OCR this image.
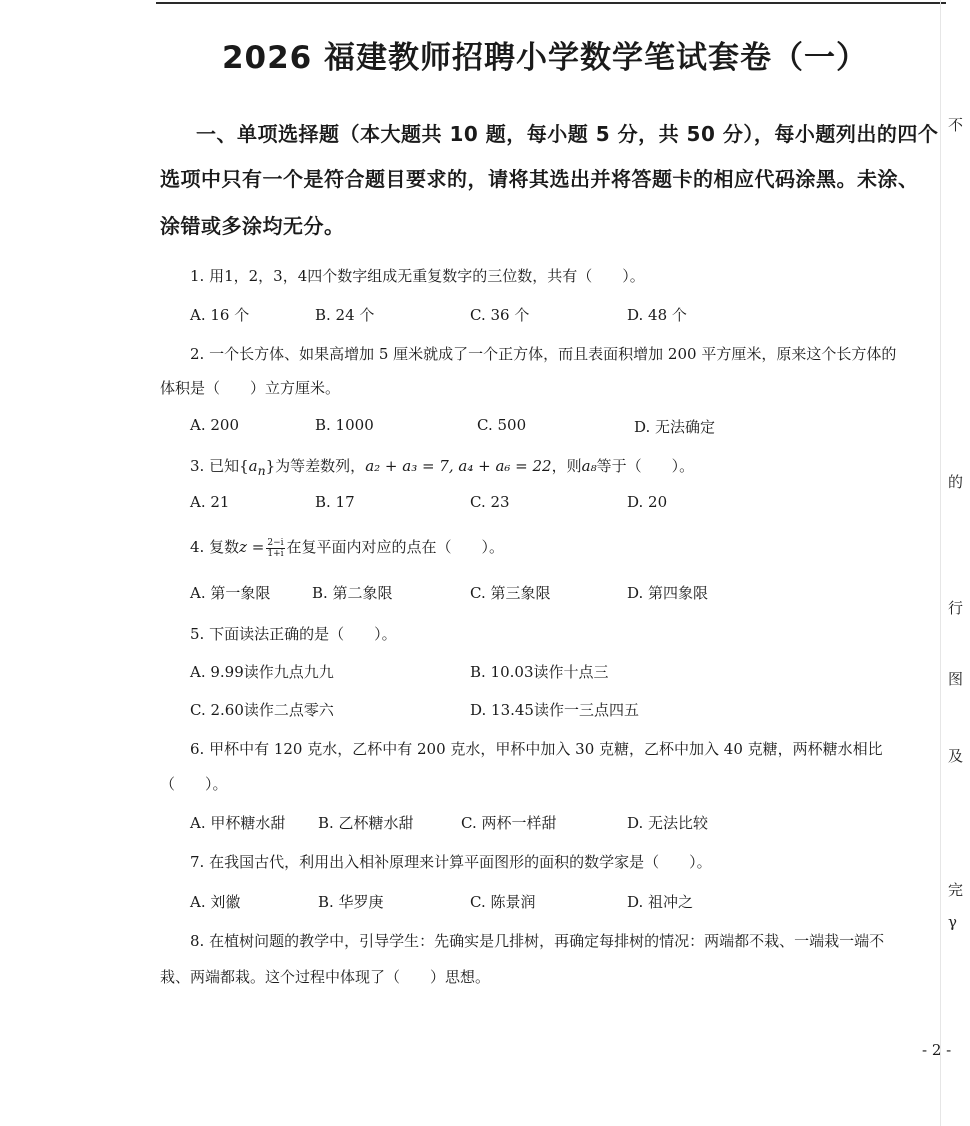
2026 福建教师招聘小学数学笔试套卷（一）
一、单项选择题（本大题共 10 题，每小题 5 分，共 50 分），每小题列出的四个
选项中只有一个是符合题目要求的，请将其选出并将答题卡的相应代码涂黑。未涂、
涂错或多涂均无分。
1. 用1，2，3，4四个数字组成无重复数字的三位数，共有（　　）。
A. 16 个	B. 24 个	C. 36 个	D. 48 个
2. 一个长方体、如果高增加 5 厘米就成了一个正方体，而且表面积增加 200 平方厘米，原来这个长方体的
体积是（　　）立方厘米。
A. 200	B. 1000	C. 500	D. 无法确定
3. 已知$\{a_n\}$为等差数列，a₂ + a₃ = 7, a₄ + a₆ = 22，则a₈等于（　　）。
A. 21	B. 17	C. 23	D. 20
4. 复数$z = \frac{2-i}{1+i}$ 在复平面内对应的点在（　　）。
A. 第一象限	B. 第二象限	C. 第三象限	D. 第四象限
5. 下面读法正确的是（　　）。
A. 9.99读作九点九九	B. 10.03读作十点三
C. 2.60读作二点零六	D. 13.45读作一三点四五
6. 甲杯中有 120 克水，乙杯中有 200 克水，甲杯中加入 30 克糖，乙杯中加入 40 克糖，两杯糖水相比
（　　）。
A. 甲杯糖水甜 B. 乙杯糖水甜	C. 两杯一样甜	D. 无法比较
7. 在我国古代，利用出入相补原理来计算平面图形的面积的数学家是（　　）。
A. 刘徽	B. 华罗庚	C. 陈景润	D. 祖冲之
8. 在植树问题的教学中，引导学生：先确实是几排树，再确定每排树的情况：两端都不栽、一端栽一端不
栽、两端都栽。这个过程中体现了（　　）思想。
不
的
行
图
及
完
γ
- 2 -
